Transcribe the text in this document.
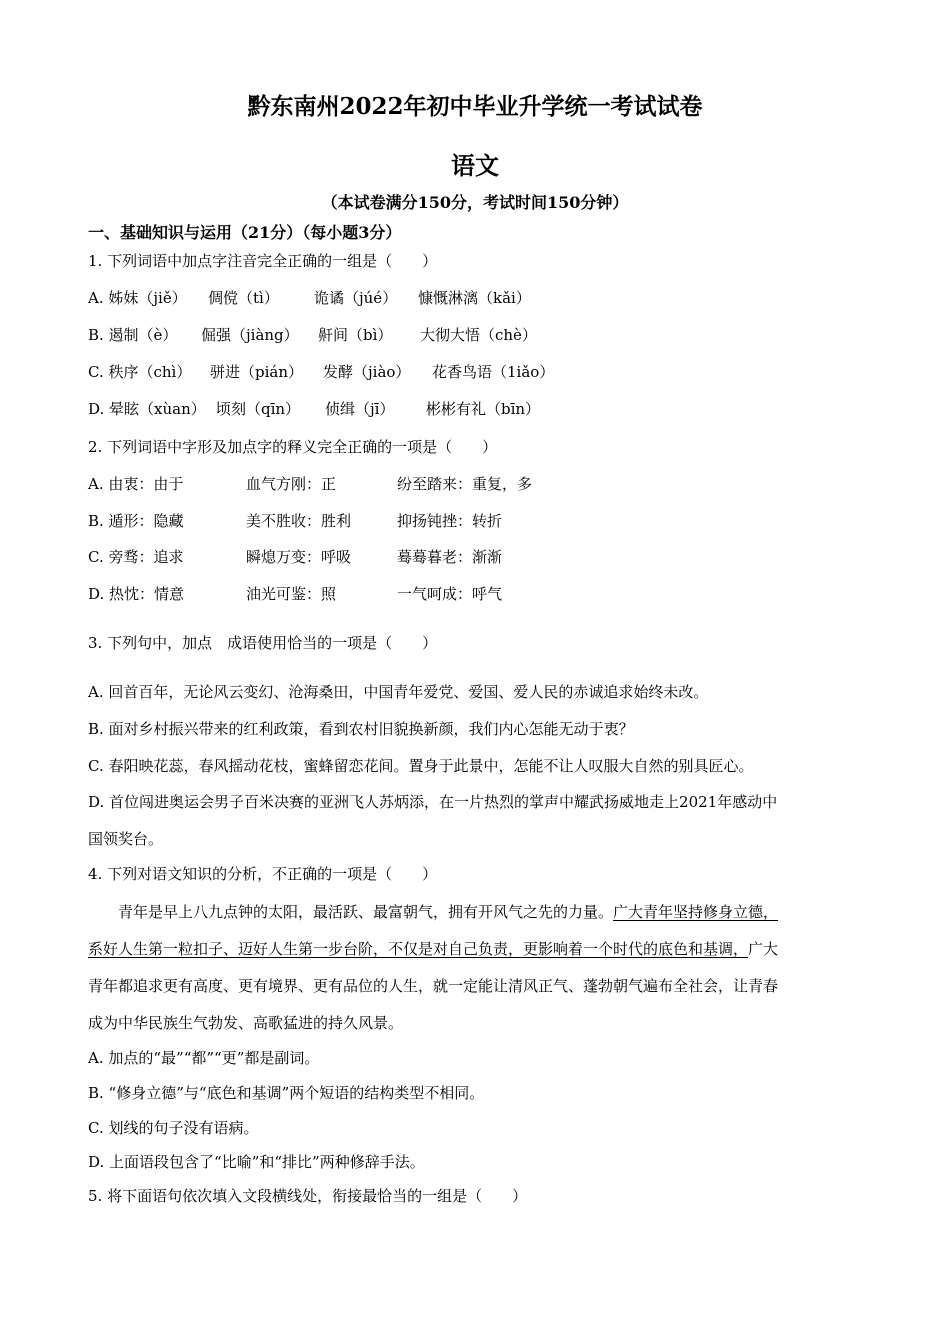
黔东南州2022年初中毕业升学统一考试试卷
语文
（本试卷满分150分，考试时间150分钟）
一、基础知识与运用（21分）（每小题3分）
1. 下列词语中加点字注音完全正确的一组是（　　）
A. 姊妹（jiě） 倜傥（tì） 诡谲（júé） 慷慨淋漓（kǎi）
B. 遏制（è） 倔强（jiàng） 鼾间（bì） 大彻大悟（chè）
C. 秩序（chì） 骈进（pián） 发酵（jiào） 花香鸟语（1iǎo）
D. 晕眩（xùan） 顷刻（qīn） 侦缉（jī） 彬彬有礼（bīn）
2. 下列词语中字形及加点字的释义完全正确的一项是（　　）
A. 由衷：由于	血气方刚：正	纷至踏来：重复，多
B. 遁形：隐藏	美不胜收：胜利	抑扬钝挫：转折
C. 旁骛：追求	瞬熄万变：呼吸	蓦蓦暮老：渐渐
D. 热忱：情意	油光可鉴：照	一气呵成：呼气
3. 下列句中，加点　成语使用恰当的一项是（　　）
A. 回首百年，无论风云变幻、沧海桑田，中国青年爱党、爱国、爱人民的赤诚追求始终未改。
B. 面对乡村振兴带来的红利政策，看到农村旧貌换新颜，我们内心怎能无动于衷？
C. 春阳映花蕊，春风摇动花枝，蜜蜂留恋花间。置身于此景中，怎能不让人叹服大自然的别具匠心。
D. 首位闯进奥运会男子百米决赛的亚洲飞人苏炳添，在一片热烈的掌声中耀武扬威地走上2021年感动中
国领奖台。
4. 下列对语文知识的分析，不正确的一项是（　　）
　　青年是早上八九点钟的太阳，最活跃、最富朝气，拥有开风气之先的力量。广大青年坚持修身立德，
系好人生第一粒扣子、迈好人生第一步台阶，不仅是对自己负责，更影响着一个时代的底色和基调，广大
青年都追求更有高度、更有境界、更有品位的人生，就一定能让清风正气、蓬勃朝气遍布全社会，让青春
成为中华民族生气勃发、高歌猛进的持久风景。
A. 加点的“最”“都”“更”都是副词。
B. “修身立德”与“底色和基调”两个短语的结构类型不相同。
C. 划线的句子没有语病。
D. 上面语段包含了“比喻”和“排比”两种修辞手法。
5. 将下面语句依次填入文段横线处，衔接最恰当的一组是（　　）
